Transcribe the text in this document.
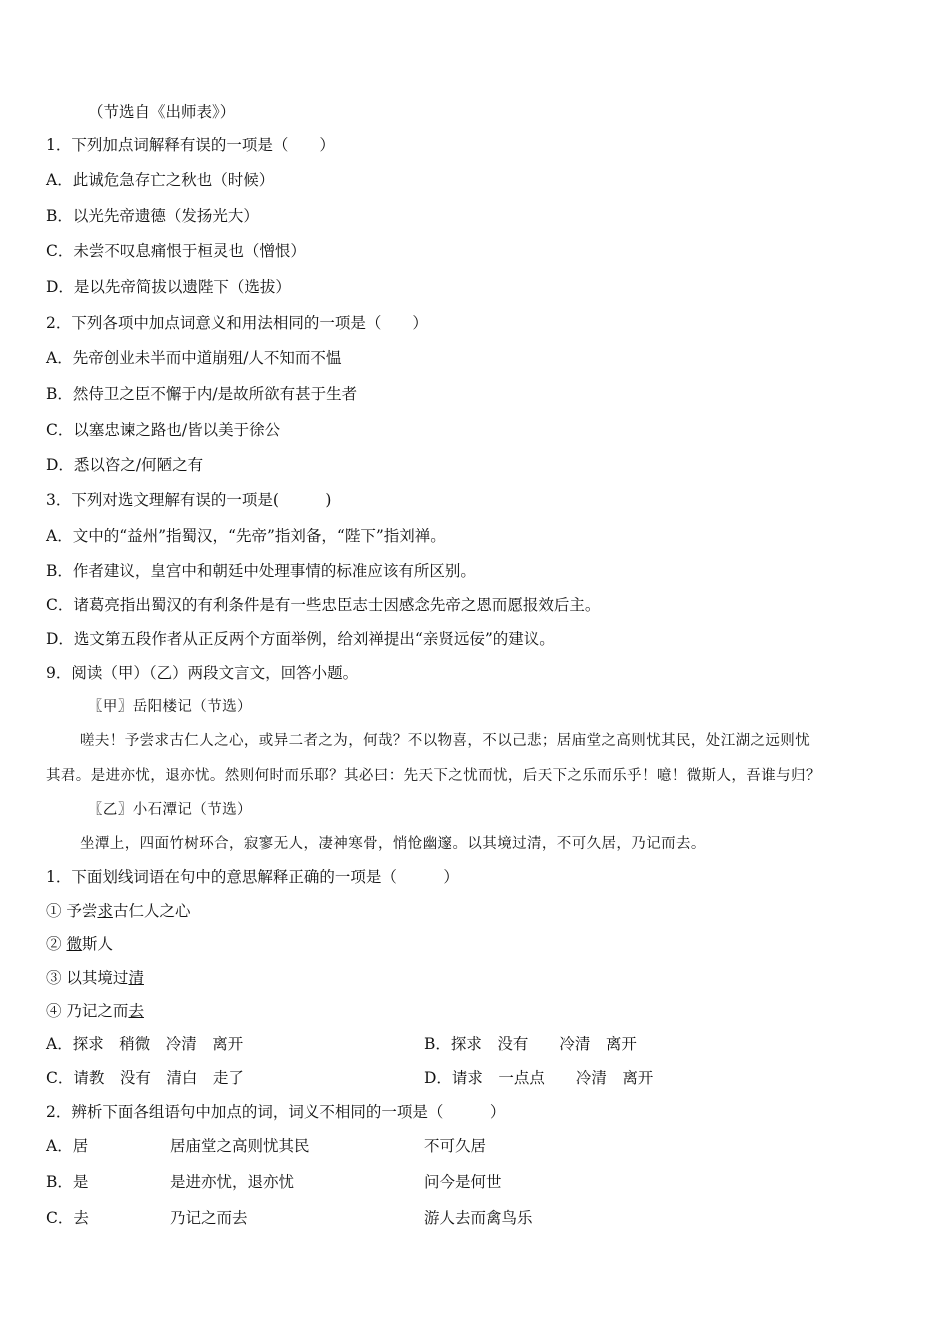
（节选自《出师表》）
1．下列加点词解释有误的一项是（　　）
A．此诚危急存亡之秋也（时候）
B．以光先帝遗德（发扬光大）
C．未尝不叹息痛恨于桓灵也（憎恨）
D．是以先帝简拔以遗陛下（选拔）
2．下列各项中加点词意义和用法相同的一项是（　　）
A．先帝创业未半而中道崩殂/人不知而不愠
B．然侍卫之臣不懈于内/是故所欲有甚于生者
C．以塞忠谏之路也/皆以美于徐公
D．悉以咨之/何陋之有
3．下列对选文理解有误的一项是(　　　)
A．文中的“益州”指蜀汉，“先帝”指刘备，“陛下”指刘禅。
B．作者建议，皇宫中和朝廷中处理事情的标准应该有所区别。
C．诸葛亮指出蜀汉的有利条件是有一些忠臣志士因感念先帝之恩而愿报效后主。
D．选文第五段作者从正反两个方面举例，给刘禅提出“亲贤远佞”的建议。
9．阅读（甲）（乙）两段文言文，回答小题。
〖甲〗岳阳楼记（节选）
嗟夫！予尝求古仁人之心，或异二者之为，何哉？不以物喜，不以己悲；居庙堂之高则忧其民，处江湖之远则忧
其君。是进亦忧，退亦忧。然则何时而乐耶？其必曰：先天下之忧而忧，后天下之乐而乐乎！噫！微斯人，吾谁与归？
〖乙〗小石潭记（节选）
坐潭上，四面竹树环合，寂寥无人，凄神寒骨，悄怆幽邃。以其境过清，不可久居，乃记而去。
1．下面划线词语在句中的意思解释正确的一项是（　　　）
① 予尝求古仁人之心
② 微斯人
③ 以其境过清
④ 乃记之而去
A．探求　稍微　冷清　离开	B．探求　没有　　冷清　离开
C．请教　没有　清白　走了	D．请求　一点点　　冷清　离开
2．辨析下面各组语句中加点的词，词义不相同的一项是（　　　）
A．居	居庙堂之高则忧其民	不可久居
B．是	是进亦忧，退亦忧	问今是何世
C．去	乃记之而去	游人去而禽鸟乐
